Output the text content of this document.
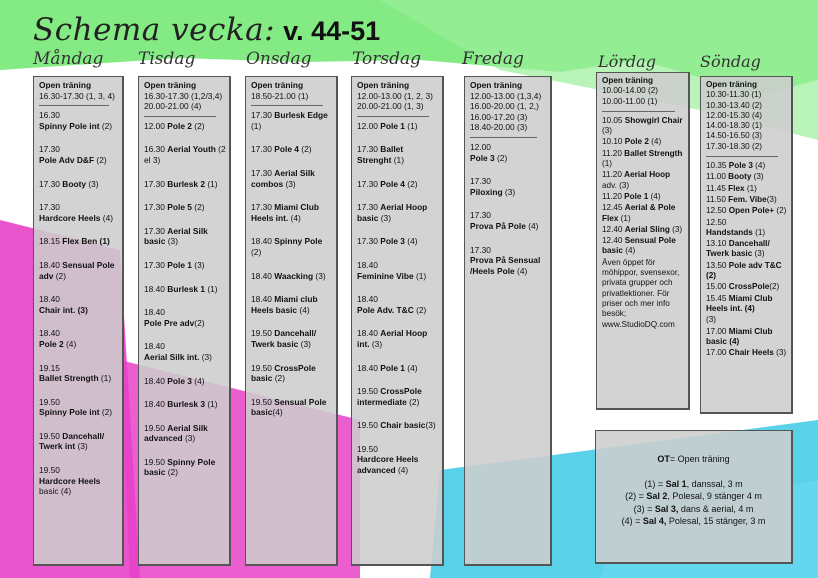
Schema vecka: v. 44-51
Måndag Tisdag	Onsdag Torsdag Fredag	Lördag	Söndag
Open träning
16.30-17.30 (1, 3, 4)
16.30
Spinny Pole int (2)
17.30
Pole Adv D&F (2)
17.30 Booty (3)
17.30
Hardcore Heels (4)
18.15 Flex Ben (1)
18.40 Sensual Pole adv (2)
18.40
Chair int. (3)
18.40
Pole 2 (4)
19.15
Ballet Strength (1)
19.50
Spinny Pole int (2)
19.50 Dancehall/ Twerk int (3)
19.50
Hardcore Heels basic (4)
Open träning
16.30-17.30 (1,2/3,4)
20.00-21.00 (4)
12.00 Pole 2 (2)
16.30 Aerial Youth (2 el 3)
17.30 Burlesk 2 (1)
17.30 Pole 5 (2)
17.30 Aerial Silk basic (3)
17.30 Pole 1 (3)
18.40 Burlesk 1 (1)
18.40
Pole Pre adv(2)
18.40
Aerial Silk int. (3)
18.40 Pole 3 (4)
18.40 Burlesk 3 (1)
19.50 Aerial Silk advanced (3)
19.50 Spinny Pole basic (2)
Open träning
18.50-21.00 (1)
17.30 Burlesk Edge (1)
17.30 Pole 4 (2)
17.30 Aerial Silk combos (3)
17.30 Miami Club Heels int. (4)
18.40 Spinny Pole (2)
18.40 Waacking (3)
18.40 Miami club Heels basic (4)
19.50 Dancehall/ Twerk basic (3)
19.50 CrossPole basic (2)
19.50 Sensual Pole basic(4)
Open träning
12.00-13.00 (1, 2, 3)
20.00-21.00 (1, 3)
12.00 Pole 1 (1)
17.30 Ballet Strenght (1)
17.30 Pole 4 (2)
17.30 Aerial Hoop basic (3)
17.30 Pole 3 (4)
18.40
Feminine Vibe (1)
18.40
Pole Adv. T&C (2)
18.40 Aerial Hoop int. (3)
18.40 Pole 1 (4)
19.50 CrossPole intermediate (2)
19.50 Chair basic(3)
19.50
Hardcore Heels advanced (4)
Open träning
12.00-13.00 (1,3,4)
16.00-20.00 (1, 2,)
16.00-17.20 (3)
18.40-20.00 (3)
12.00
Pole 3 (2)
17.30
Piloxing (3)
17.30
Prova På Pole (4)
17.30
Prova På Sensual /Heels Pole (4)
Open träning
10.00-14.00 (2)
10.00-11.00 (1)
10.05 Showgirl Chair (3)
10.10 Pole 2 (4)
11.20 Ballet Strength (1)
11.20 Aerial Hoop adv. (3)
11.20 Pole 1 (4)
12.45 Aerial & Pole Flex (1)
12.40 Aerial Sling (3)
12.40 Sensual Pole basic (4)
Även öppet för möhippor, svensexor, privata grupper och privatlektioner. För priser och mer info besök; www.StudioDQ.com
Open träning
10.30-11.30 (1)
10.30-13.40 (2)
12.00-15.30 (4)
14.00-18.30 (1)
14.50-16.50 (3)
17.30-18.30 (2)
10.35 Pole 3 (4)
11.00 Booty (3)
11.45 Flex (1)
11.50 Fem. Vibe(3)
12.50 Open Pole+ (2)
12.50
Handstands (1)
13.10 Dancehall/ Twerk basic (3)
13.50 Pole adv T&C (2)
15.00 CrossPole(2)
15.45 Miami Club Heels int. (4)
(3)

17.00 Miami Club basic (4)
17.00 Chair Heels (3)
OT= Open träning
(1) = Sal 1, danssal, 3 m
(2) = Sal 2, Polesal, 9 stänger 4 m
(3) = Sal 3, dans & aerial, 4 m
(4) = Sal 4, Polesal, 15 stänger, 3 m
